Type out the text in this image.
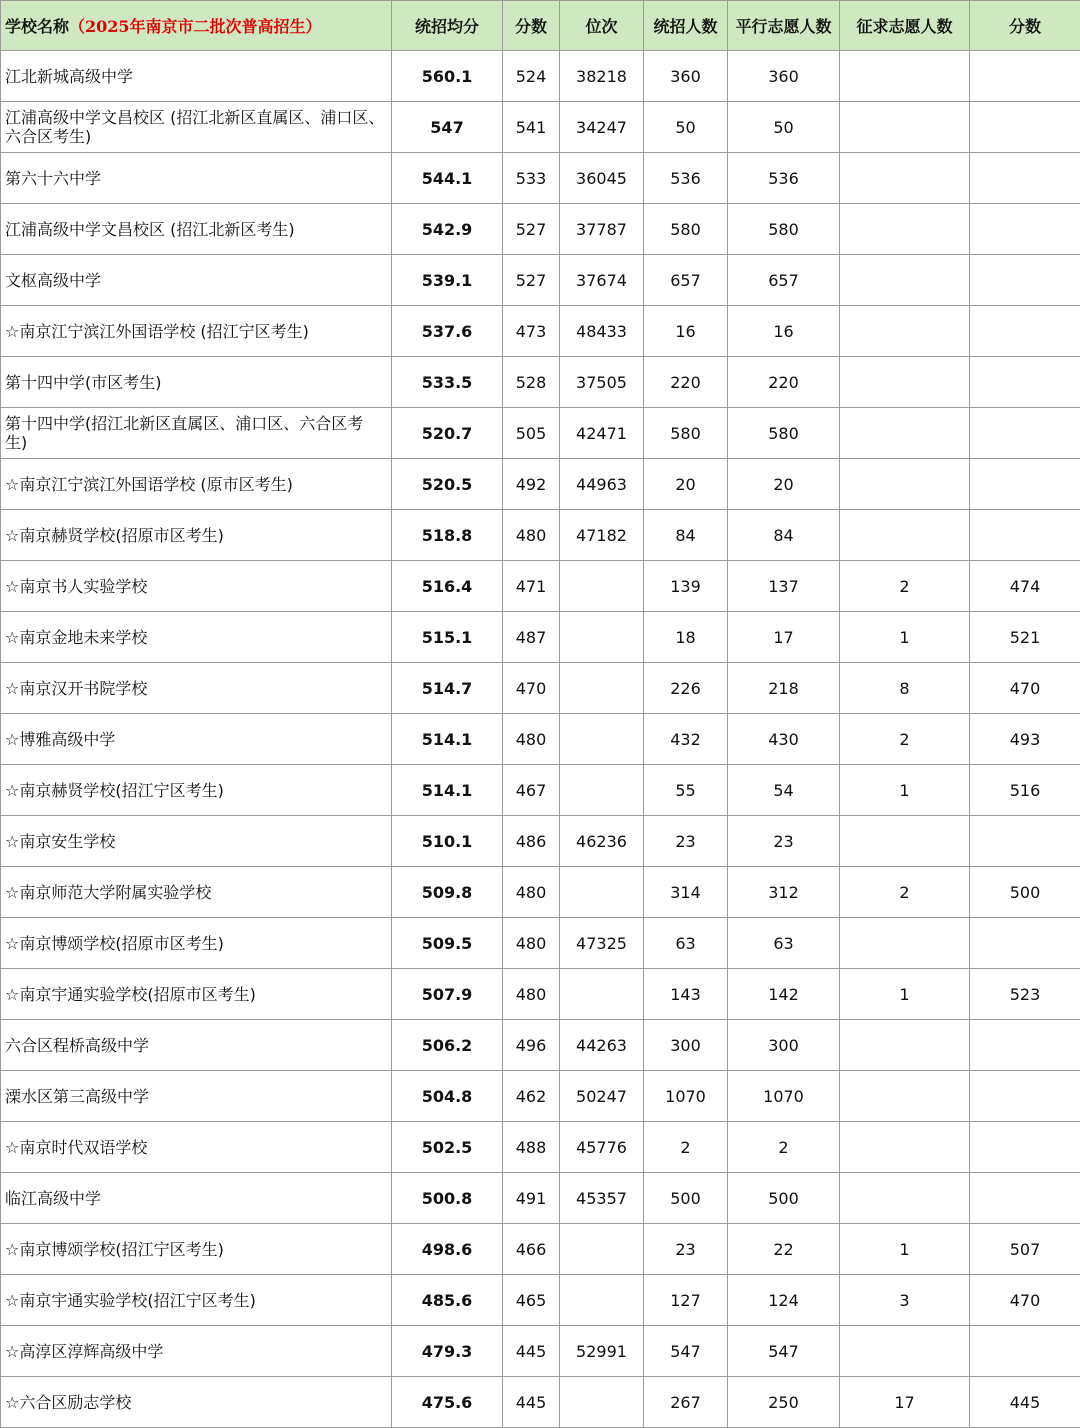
学校名称（2025年南京市二批次普高招生）	统招均分	分数	位次	统招人数	平行志愿人数	征求志愿人数	分数
江北新城高级中学	560.1	524	38218	360	360		
江浦高级中学文昌校区 (招江北新区直属区、浦口区、六合区考生)	547	541	34247	50	50		
第六十六中学	544.1	533	36045	536	536		
江浦高级中学文昌校区 (招江北新区考生)	542.9	527	37787	580	580		
文枢高级中学	539.1	527	37674	657	657		
☆南京江宁滨江外国语学校 (招江宁区考生)	537.6	473	48433	16	16		
第十四中学(市区考生)	533.5	528	37505	220	220		
第十四中学(招江北新区直属区、浦口区、六合区考生)	520.7	505	42471	580	580		
☆南京江宁滨江外国语学校 (原市区考生)	520.5	492	44963	20	20		
☆南京赫贤学校(招原市区考生)	518.8	480	47182	84	84		
☆南京书人实验学校	516.4	471		139	137	2	474
☆南京金地未来学校	515.1	487		18	17	1	521
☆南京汉开书院学校	514.7	470		226	218	8	470
☆博雅高级中学	514.1	480		432	430	2	493
☆南京赫贤学校(招江宁区考生)	514.1	467		55	54	1	516
☆南京安生学校	510.1	486	46236	23	23		
☆南京师范大学附属实验学校	509.8	480		314	312	2	500
☆南京博颂学校(招原市区考生)	509.5	480	47325	63	63		
☆南京宇通实验学校(招原市区考生)	507.9	480		143	142	1	523
六合区程桥高级中学	506.2	496	44263	300	300		
溧水区第三高级中学	504.8	462	50247	1070	1070		
☆南京时代双语学校	502.5	488	45776	2	2		
临江高级中学	500.8	491	45357	500	500		
☆南京博颂学校(招江宁区考生)	498.6	466		23	22	1	507
☆南京宇通实验学校(招江宁区考生)	485.6	465		127	124	3	470
☆高淳区淳辉高级中学	479.3	445	52991	547	547		
☆六合区励志学校	475.6	445		267	250	17	445
